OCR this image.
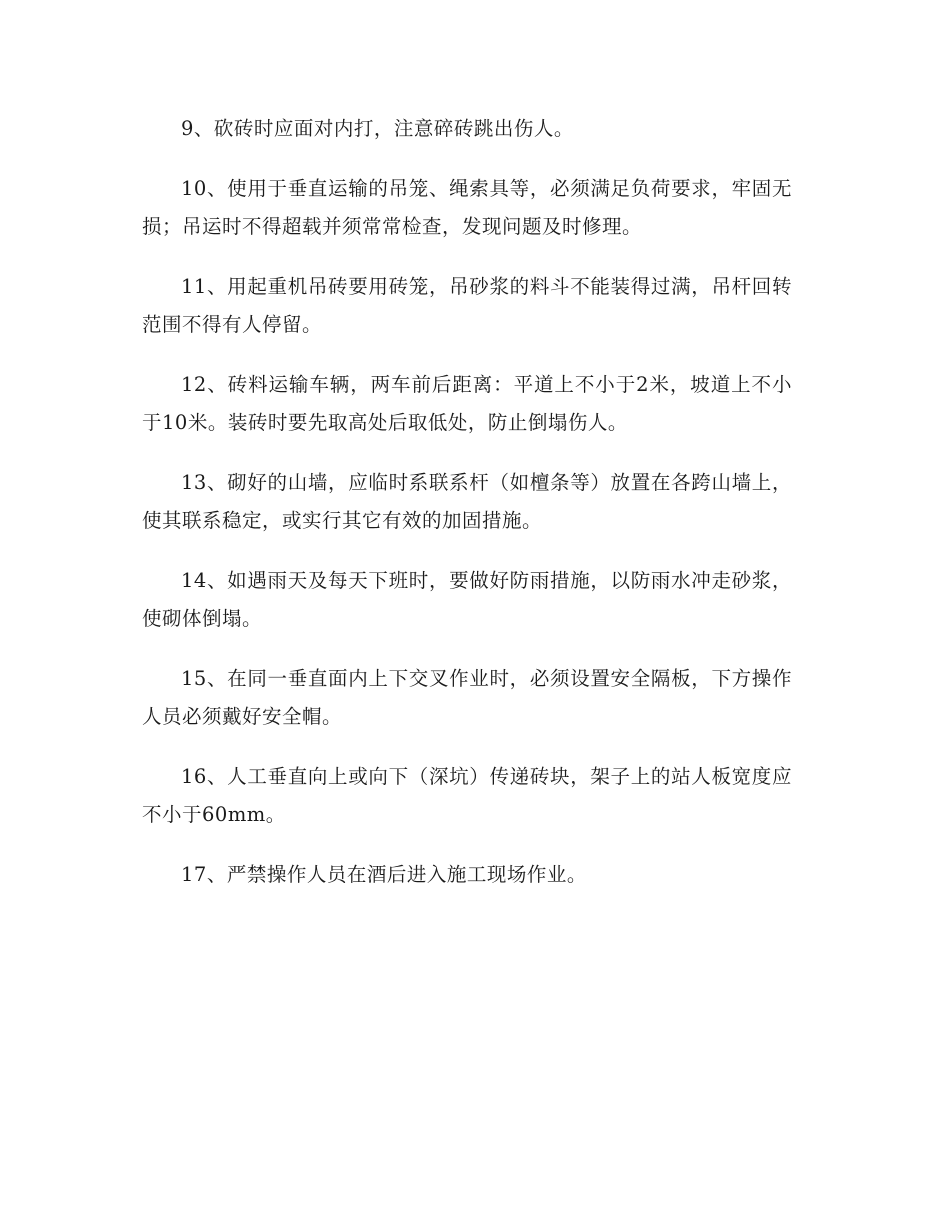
9、砍砖时应面对内打，注意碎砖跳出伤人。

10、使用于垂直运输的吊笼、绳索具等，必须满足负荷要求，牢固无损；吊运时不得超载并须常常检查，发现问题及时修理。

11、用起重机吊砖要用砖笼，吊砂浆的料斗不能装得过满，吊杆回转范围不得有人停留。

12、砖料运输车辆，两车前后距离：平道上不小于2米，坡道上不小于10米。装砖时要先取高处后取低处，防止倒塌伤人。

13、砌好的山墙，应临时系联系杆（如檀条等）放置在各跨山墙上，使其联系稳定，或实行其它有效的加固措施。

14、如遇雨天及每天下班时，要做好防雨措施，以防雨水冲走砂浆，使砌体倒塌。

15、在同一垂直面内上下交叉作业时，必须设置安全隔板，下方操作人员必须戴好安全帽。

16、人工垂直向上或向下（深坑）传递砖块，架子上的站人板宽度应不小于60mm。

17、严禁操作人员在酒后进入施工现场作业。
